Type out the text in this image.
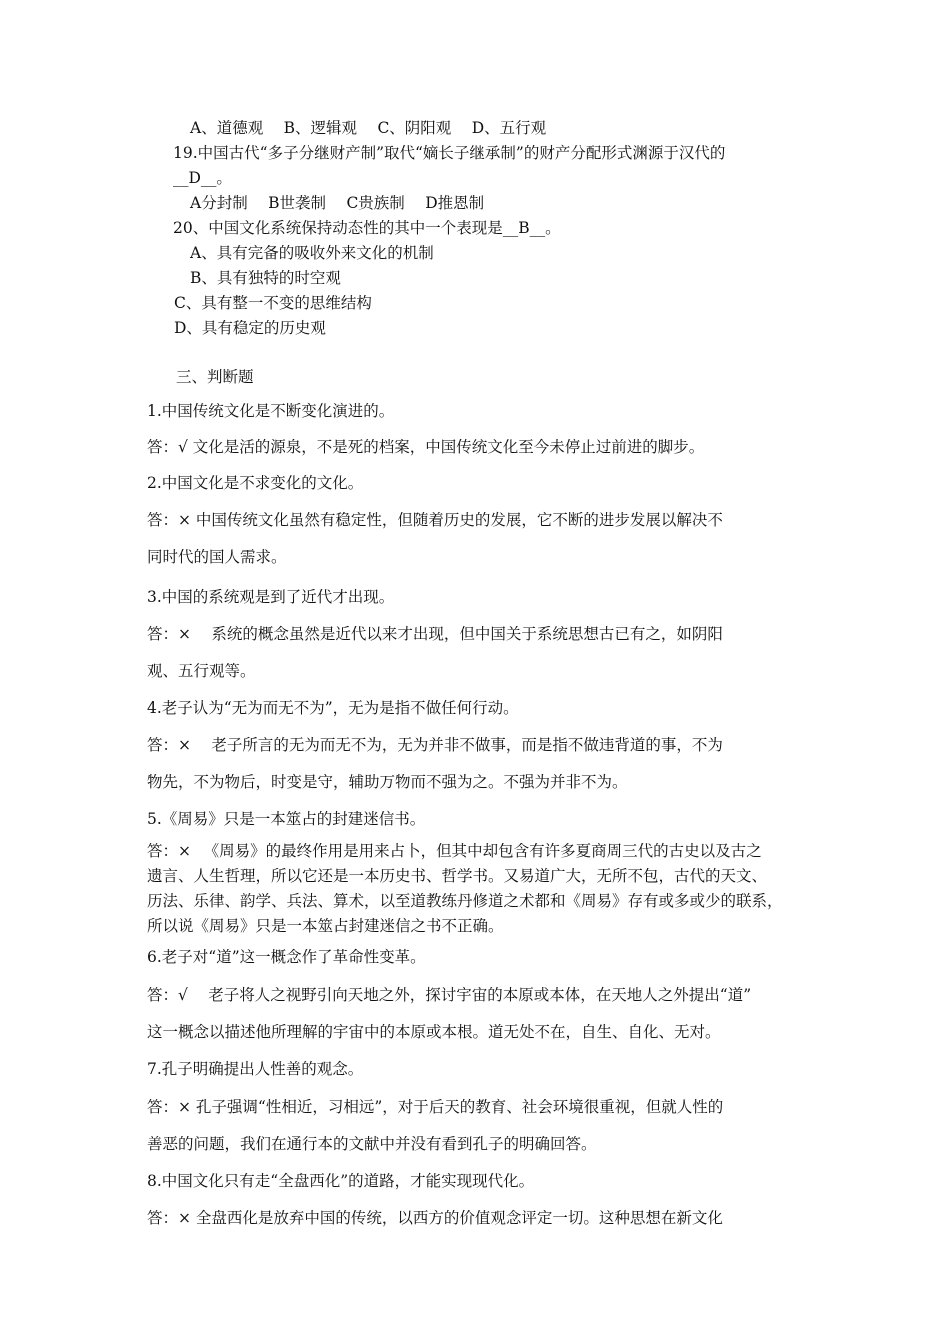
A、道德观 　B、逻辑观 　C、阴阳观 　D、五行观
19.中国古代“多子分继财产制”取代“嫡长子继承制”的财产分配形式渊源于汉代的
__D__。
A分封制 　B世袭制 　C贵族制 　D推恩制
20、中国文化系统保持动态性的其中一个表现是__B__。
A、具有完备的吸收外来文化的机制
B、具有独特的时空观
C、具有整一不变的思维结构
D、具有稳定的历史观
三、判断题
1.中国传统文化是不断变化演进的。
答：√ 文化是活的源泉，不是死的档案，中国传统文化至今未停止过前进的脚步。
2.中国文化是不求变化的文化。
答：× 中国传统文化虽然有稳定性，但随着历史的发展，它不断的进步发展以解决不
同时代的国人需求。
3.中国的系统观是到了近代才出现。
答：× 　系统的概念虽然是近代以来才出现，但中国关于系统思想古已有之，如阴阳
观、五行观等。
4.老子认为“无为而无不为”，无为是指不做任何行动。
答：× 　老子所言的无为而无不为，无为并非不做事，而是指不做违背道的事，不为
物先，不为物后，时变是守，辅助万物而不强为之。不强为并非不为。
5.《周易》只是一本筮占的封建迷信书。
答：× 　《周易》的最终作用是用来占卜，但其中却包含有许多夏商周三代的古史以及古之
遗言、人生哲理，所以它还是一本历史书、哲学书。又易道广大，无所不包，古代的天文、
历法、乐律、韵学、兵法、算术，以至道教练丹修道之术都和《周易》存有或多或少的联系，
所以说《周易》只是一本筮占封建迷信之书不正确。
6.老子对“道”这一概念作了革命性变革。
答：√ 　老子将人之视野引向天地之外，探讨宇宙的本原或本体，在天地人之外提出“道”
这一概念以描述他所理解的宇宙中的本原或本根。道无处不在，自生、自化、无对。
7.孔子明确提出人性善的观念。
答：× 孔子强调“性相近，习相远”，对于后天的教育、社会环境很重视，但就人性的
善恶的问题，我们在通行本的文献中并没有看到孔子的明确回答。
8.中国文化只有走“全盘西化”的道路，才能实现现代化。
答：× 全盘西化是放弃中国的传统，以西方的价值观念评定一切。这种思想在新文化
